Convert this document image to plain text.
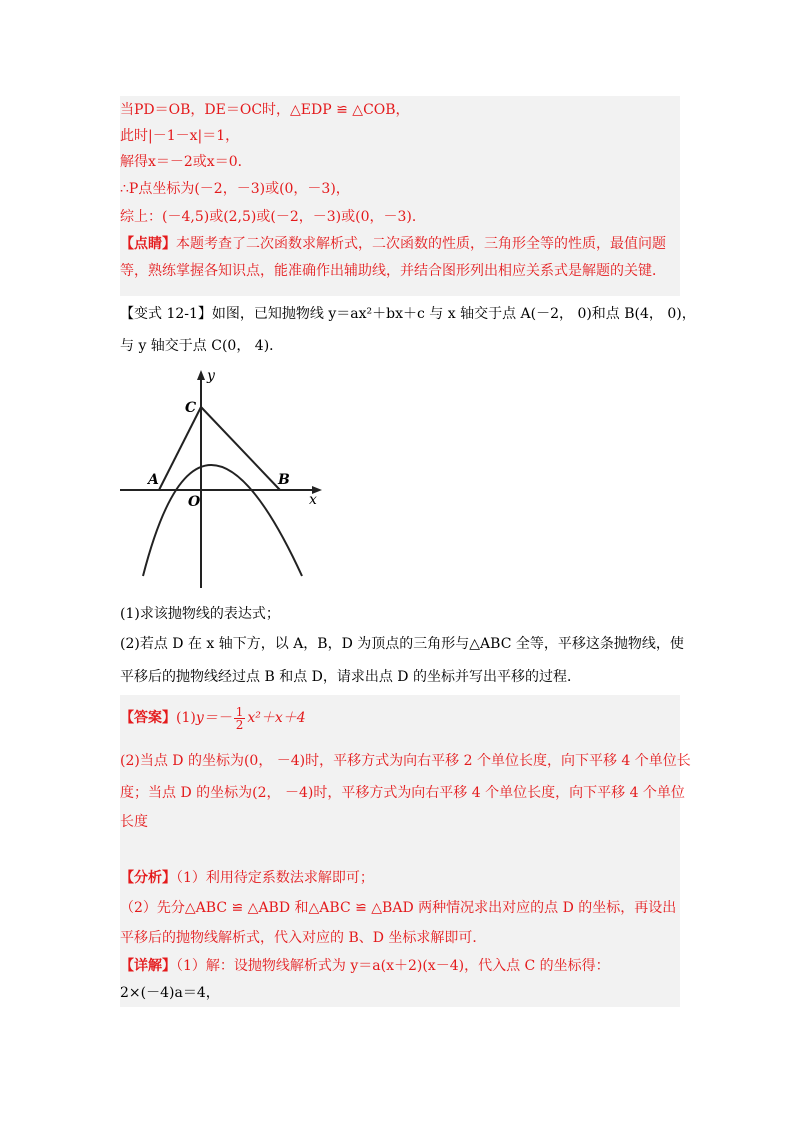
当PD＝OB，DE＝OC时，△EDP ≌ △COB，
此时|－1－x|＝1，
解得x＝－2或x＝0．
∴P点坐标为(－2，－3)或(0，－3)，
综上：(－4,5)或(2,5)或(－2，－3)或(0，－3)．
【点睛】本题考查了二次函数求解析式，二次函数的性质，三角形全等的性质，最值问题
等，熟练掌握各知识点，能准确作出辅助线，并结合图形列出相应关系式是解题的关键．
【变式 12-1】如图，已知抛物线 y＝ax²＋bx＋c 与 x 轴交于点 A(－2， 0)和点 B(4， 0)，
与 y 轴交于点 C(0， 4)．
y
x
C
A	B
O
(1)求该抛物线的表达式；
(2)若点 D 在 x 轴下方，以 A，B，D 为顶点的三角形与△ABC 全等，平移这条抛物线，使
平移后的抛物线经过点 B 和点 D，请求出点 D 的坐标并写出平移的过程．
【答案】$(1)y=- \frac{1}{2} x^2+x+4$
(2)当点 D 的坐标为(0， －4)时，平移方式为向右平移 2 个单位长度，向下平移 4 个单位长
度；当点 D 的坐标为(2， －4)时，平移方式为向右平移 4 个单位长度，向下平移 4 个单位
长度
【分析】（1）利用待定系数法求解即可；
（2）先分△ABC ≌ △ABD 和△ABC ≌ △BAD 两种情况求出对应的点 D 的坐标，再设出
平移后的抛物线解析式，代入对应的 B、D 坐标求解即可．
【详解】（1）解：设抛物线解析式为 y＝a(x＋2)(x－4)，代入点 C 的坐标得：
2×(－4)a＝4，
